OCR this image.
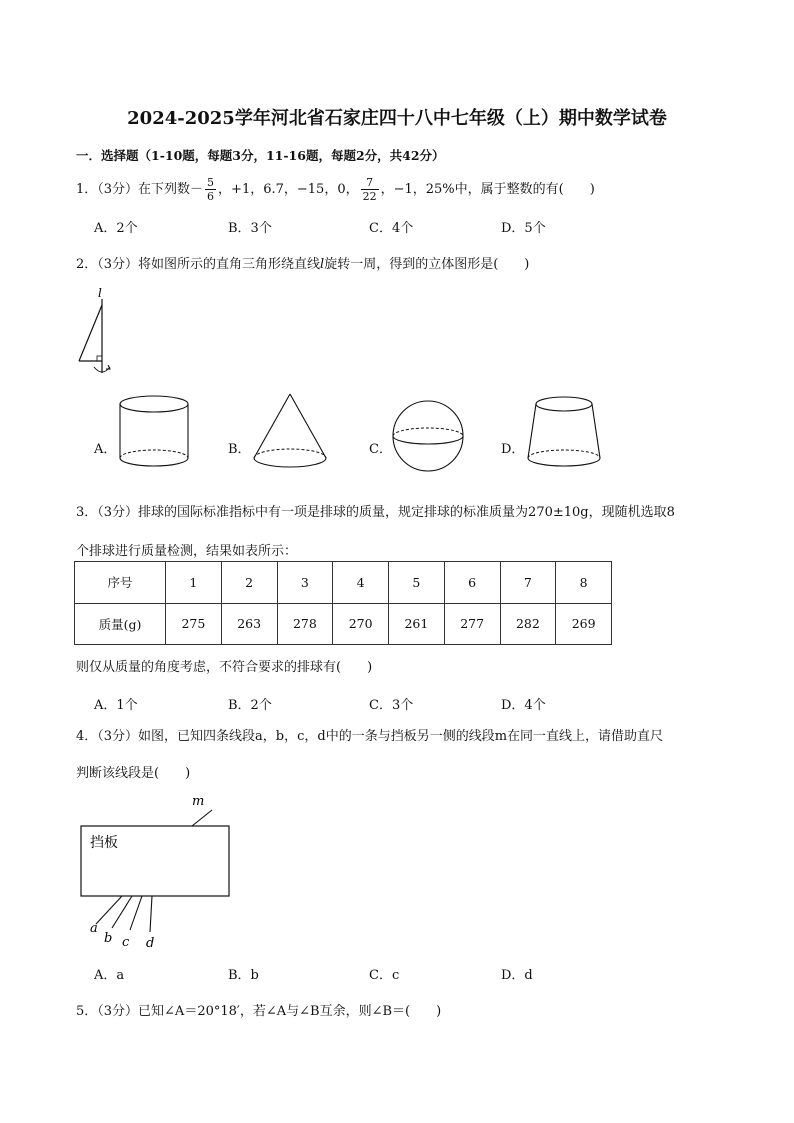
2024-2025学年河北省石家庄四十八中七年级（上）期中数学试卷
一．选择题（1-10题，每题3分，11-16题，每题2分，共42分）
1．（3分）在下列数－ $\frac{5}{6}$ ，+1，6.7，−15，0， $\frac{7}{22}$ ，−1，25%中，属于整数的有(　　)
A．2个	B．3个	C．4个	D．5个
2．（3分）将如图所示的直角三角形绕直线l旋转一周，得到的立体图形是(　　)
l
A．	B．	C．	D．
3．（3分）排球的国际标准指标中有一项是排球的质量，规定排球的标准质量为270±10g，现随机选取8
个排球进行质量检测，结果如表所示：
序号	1	2	3	4	5	6	7	8
质量(g)	275	263	278	270	261	277	282	269
则仅从质量的角度考虑，不符合要求的排球有(　　)
A．1个	B．2个	C．3个	D．4个
4．（3分）如图，已知四条线段a，b，c，d中的一条与挡板另一侧的线段m在同一直线上，请借助直尺
判断该线段是(　　)
m
挡板
a
b c d
A．a	B．b	C．c	D．d
5．（3分）已知∠A＝20°18′，若∠A与∠B互余，则∠B＝(　　)
